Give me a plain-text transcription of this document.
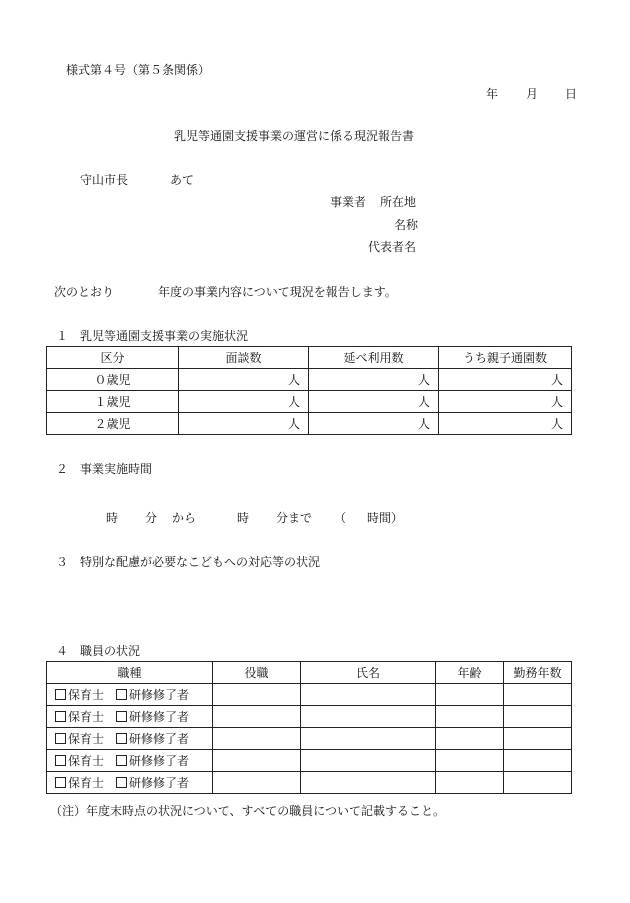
様式第４号（第５条関係）
年 月 日
乳児等通園支援事業の運営に係る現況報告書
守山市長	あて
事業者 所在地
名称
代表者名
次のとおり	年度の事業内容について現況を報告します。
１ 乳児等通園支援事業の実施状況
区分	面談数	延べ利用数	うち親子通園数
０歳児	人	人	人
１歳児	人	人	人
２歳児	人	人	人
２ 事業実施時間
時 分 から	時 分まで （ 時間）
３ 特別な配慮が必要なこどもへの対応等の状況
４ 職員の状況
職種	役職	氏名	年齢	勤務年数
保育士 研修修了者				
保育士 研修修了者				
保育士 研修修了者				
保育士 研修修了者				
保育士 研修修了者				
（注）年度末時点の状況について、すべての職員について記載すること。
